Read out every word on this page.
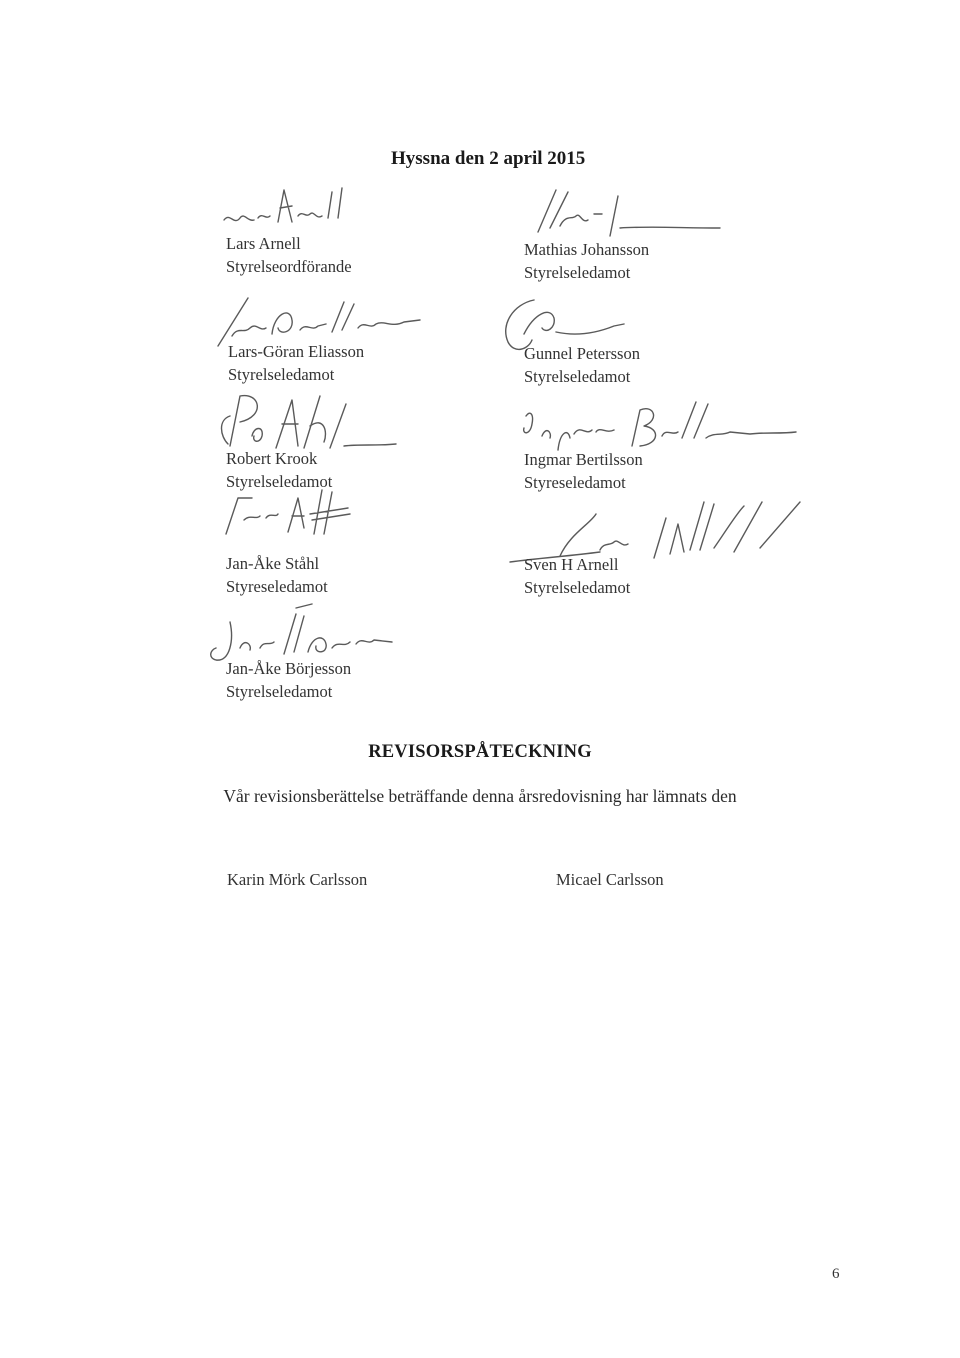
Hyssna den 2 april 2015
Lars Arnell
Styrelseordförande
Mathias Johansson
Styrelseledamot
Lars-Göran Eliasson
Styrelseledamot
Gunnel Petersson
Styrelseledamot
Robert Krook
Styrelseledamot
Ingmar Bertilsson
Styreseledamot
Jan-Åke Ståhl
Styreseledamot
Sven H Arnell
Styrelseledamot
Jan-Åke Börjesson
Styrelseledamot
REVISORSPÅTECKNING
Vår revisionsberättelse beträffande denna årsredovisning har lämnats den
Karin Mörk Carlsson	Micael Carlsson
6
